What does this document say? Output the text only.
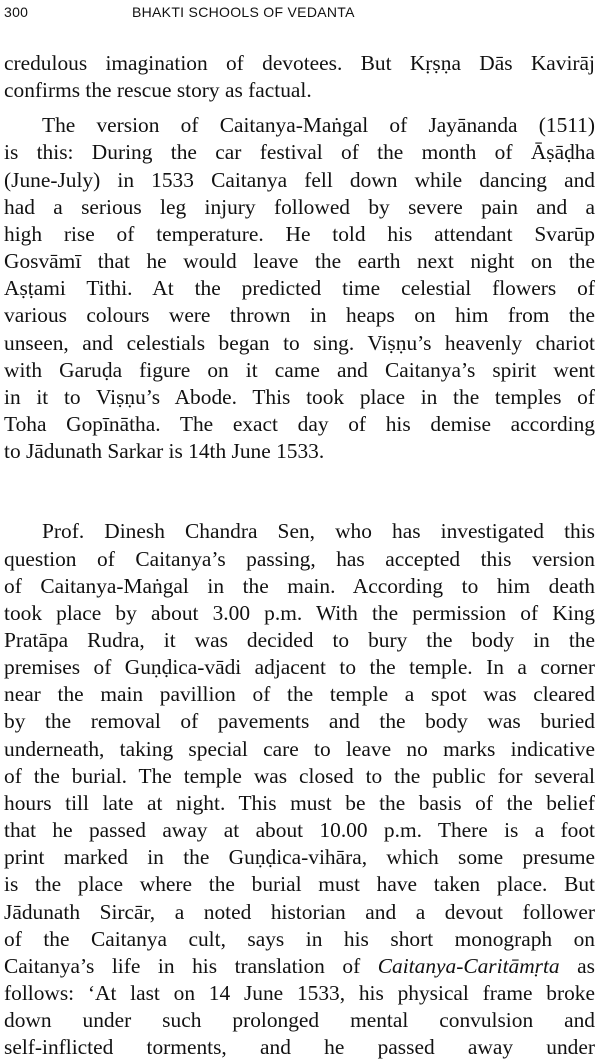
300	BHAKTI SCHOOLS OF VEDANTA
credulous imagination of devotees. But Kṛṣṇa Dās Kavirāj
confirms the rescue story as factual.
The version of Caitanya-Maṅgal of Jayānanda (1511)
is this: During the car festival of the month of Āṣāḍha
(June-July) in 1533 Caitanya fell down while dancing and
had a serious leg injury followed by severe pain and a
high rise of temperature. He told his attendant Svarūp
Gosvāmī that he would leave the earth next night on the
Aṣṭami Tithi. At the predicted time celestial flowers of
various colours were thrown in heaps on him from the
unseen, and celestials began to sing. Viṣṇu’s heavenly chariot
with Garuḍa figure on it came and Caitanya’s spirit went
in it to Viṣṇu’s Abode. This took place in the temples of
Toha Gopīnātha. The exact day of his demise according
to Jādunath Sarkar is 14th June 1533.
Prof. Dinesh Chandra Sen, who has investigated this
question of Caitanya’s passing, has accepted this version
of Caitanya-Maṅgal in the main. According to him death
took place by about 3.00 p.m. With the permission of King
Pratāpa Rudra, it was decided to bury the body in the
premises of Guṇḍica-vādi adjacent to the temple. In a corner
near the main pavillion of the temple a spot was cleared
by the removal of pavements and the body was buried
underneath, taking special care to leave no marks indicative
of the burial. The temple was closed to the public for several
hours till late at night. This must be the basis of the belief
that he passed away at about 10.00 p.m. There is a foot
print marked in the Guṇḍica-vihāra, which some presume
is the place where the burial must have taken place. But
Jādunath Sircār, a noted historian and a devout follower
of the Caitanya cult, says in his short monograph on
Caitanya’s life in his translation of Caitanya-Caritāmṛta as
follows: ‘At last on 14 June 1533, his physical frame broke
down under such prolonged mental convulsion and
self-inflicted torments, and he passed away under
